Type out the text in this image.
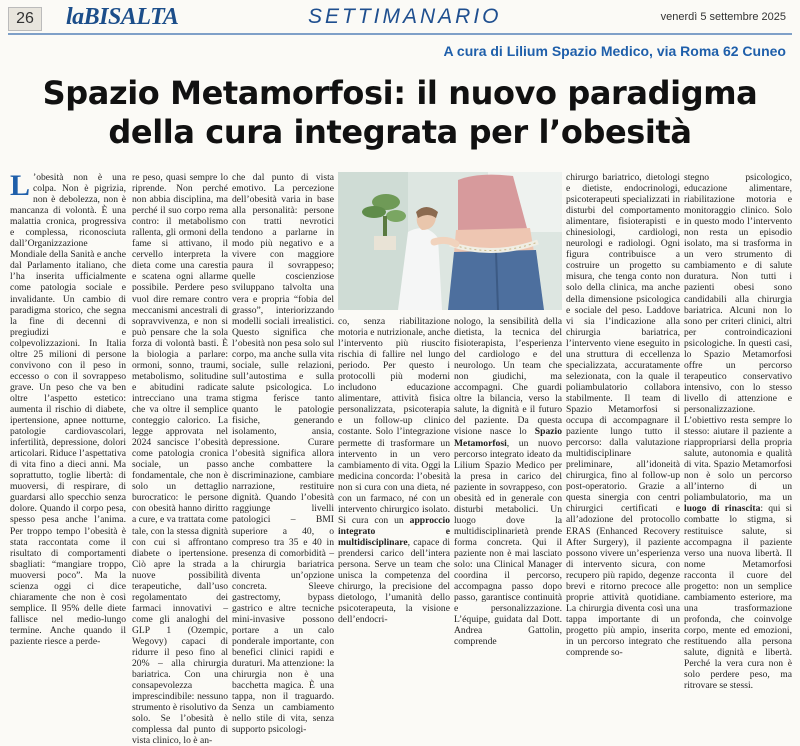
26	laBISALTA	SETTIMANARIO	venerdì 5 settembre 2025
A cura di Lilium Spazio Medico, via Roma 62 Cuneo
Spazio Metamorfosi: il nuovo paradigma
della cura integrata per l’obesità

L ’obesità non è una colpa. Non è pigrizia, non è debolezza, non è mancanza di volontà. È una malattia cronica, progressiva e complessa, riconosciuta dall’Organizzazione Mondiale della Sanità e anche dal Parlamento italiano, che l’ha inserita ufficialmente come patologia sociale e invalidante. Un cambio di paradigma storico, che segna la fine di decenni di pregiudizi e colpevolizzazioni. In Italia oltre 25 milioni di persone convivono con il peso in eccesso o con il sovrappeso grave. Un peso che va ben oltre l’aspetto estetico: aumenta il rischio di diabete, ipertensione, apnee notturne, patologie cardiovascolari, infertilità, depressione, dolori articolari. Riduce l’aspettativa di vita fino a dieci anni. Ma soprattutto, toglie libertà: di muoversi, di respirare, di guardarsi allo specchio senza dolore. Quando il corpo pesa, spesso pesa anche l’anima. Per troppo tempo l’obesità è stata raccontata come il risultato di comportamenti sbagliati: “mangiare troppo, muoversi poco”. Ma la scienza oggi ci dice chiaramente che non è così semplice. Il 95% delle diete fallisce nel medio-lungo termine. Anche quando il paziente riesce a perde-

re peso, quasi sempre lo riprende. Non perché non abbia disciplina, ma perché il suo corpo rema contro: il metabolismo rallenta, gli ormoni della fame si attivano, il cervello interpreta la dieta come una carestia e scatena ogni allarme possibile. Perdere peso vuol dire remare contro meccanismi ancestrali di sopravvivenza, e non si può pensare che la sola forza di volontà basti. È la biologia a parlare: ormoni, sonno, traumi, metabolismo, solitudine e abitudini radicate intrecciano una trama che va oltre il semplice conteggio calorico. La legge approvata nel 2024 sancisce l’obesità come patologia cronica sociale, un passo fondamentale, che non è solo un dettaglio burocratico: le persone con obesità hanno diritto a cure, e va trattata come tale, con la stessa dignità con cui si affrontano diabete o ipertensione. Ciò apre la strada a nuove possibilità terapeutiche, dall’uso regolamentato dei farmaci innovativi – come gli analoghi del GLP 1 (Ozempic, Wegovy) capaci di ridurre il peso fino al 20% – alla chirurgia bariatrica. Con una consapevolezza imprescindibile: nessuno strumento è risolutivo da solo. Se l’obesità è complessa dal punto di vista clinico, lo è an-

che dal punto di vista emotivo. La percezione dell’obesità varia in base alla personalità: persone con tratti nevrotici tendono a parlarne in modo più negativo e a vivere con maggiore paura il sovrappeso; quelle coscienziose sviluppano talvolta una vera e propria “fobia del grasso”, interiorizzando modelli sociali irrealistici. Questo significa che l’obesità non pesa solo sul corpo, ma anche sulla vita sociale, sulle relazioni, sull’autostima e sulla salute psicologica. Lo stigma ferisce tanto quanto le patologie fisiche, generando isolamento, ansia, depressione. Curare l’obesità significa allora anche combattere la discriminazione, cambiare narrazione, restituire dignità. Quando l’obesità raggiunge livelli patologici – BMI superiore a 40, o compreso tra 35 e 40 in presenza di comorbidità – la chirurgia bariatrica diventa un’opzione concreta. Sleeve gastrectomy, bypass gastrico e altre tecniche mini-invasive possono portare a un calo ponderale importante, con benefici clinici rapidi e duraturi. Ma attenzione: la chirurgia non è una bacchetta magica. È una tappa, non il traguardo. Senza un cambiamento nello stile di vita, senza supporto psicologi-

co, senza riabilitazione motoria e nutrizionale, anche l’intervento più riuscito rischia di fallire nel lungo periodo. Per questo i protocolli più moderni includono educazione alimentare, attività fisica personalizzata, psicoterapia e un follow-up clinico costante. Solo l’integrazione permette di trasformare un intervento in un vero cambiamento di vita. Oggi la medicina concorda: l’obesità non si cura con una dieta, né con un farmaco, né con un intervento chirurgico isolato. Si cura con un approccio integrato e multidisciplinare, capace di prendersi carico dell’intera persona. Serve un team che unisca la competenza del chirurgo, la precisione del dietologo, l’umanità dello psicoterapeuta, la visione dell’endocri-

nologo, la sensibilità della dietista, la tecnica del fisioterapista, l’esperienza del cardiologo e del neurologo. Un team che non giudichi, ma accompagni. Che guardi oltre la bilancia, verso la salute, la dignità e il futuro del paziente. Da questa visione nasce lo Spazio Metamorfosi, un nuovo percorso integrato ideato da Lilium Spazio Medico per la presa in carico del paziente in sovrappeso, con obesità ed in generale con disturbi metabolici. Un luogo dove la multidisciplinarietà prende forma concreta. Qui il paziente non è mai lasciato solo: una Clinical Manager coordina il percorso, accompagna passo dopo passo, garantisce continuità e personalizzazione. L’équipe, guidata dal Dott. Andrea Gattolin, comprende

chirurgo bariatrico, dietologi e dietiste, endocrinologi, psicoterapeuti specializzati in disturbi del comportamento alimentare, fisioterapisti e chinesiologi, cardiologi, neurologi e radiologi. Ogni figura contribuisce a costruire un progetto su misura, che tenga conto non solo della clinica, ma anche della dimensione psicologica e sociale del peso. Laddove vi sia l’indicazione alla chirurgia bariatrica, l’intervento viene eseguito in una struttura di eccellenza specializzata, accuratamente selezionata, con la quale il poliambulatorio collabora stabilmente. Il team di Spazio Metamorfosi si occupa di accompagnare il paziente lungo tutto il percorso: dalla valutazione multidisciplinare preliminare, all’idoneità chirurgica, fino al follow-up post-operatorio. Grazie a questa sinergia con centri chirurgici certificati e all’adozione del protocollo ERAS (Enhanced Recovery After Surgery), il paziente possono vivere un’esperienza di intervento sicura, con recupero più rapido, degenze brevi e ritorno precoce alle proprie attività quotidiane. La chirurgia diventa così una tappa importante di un progetto più ampio, inserita in un percorso integrato che comprende so-

stegno psicologico, educazione alimentare, riabilitazione motoria e monitoraggio clinico. Solo in questo modo l’intervento non resta un episodio isolato, ma si trasforma in un vero strumento di cambiamento e di salute duratura. Non tutti i pazienti obesi sono candidabili alla chirurgia bariatrica. Alcuni non lo sono per criteri clinici, altri per controindicazioni psicologiche. In questi casi, lo Spazio Metamorfosi offre un percorso terapeutico conservativo intensivo, con lo stesso livello di attenzione e personalizzazione. L’obiettivo resta sempre lo stesso: aiutare il paziente a riappropriarsi della propria salute, autonomia e qualità di vita. Spazio Metamorfosi non è solo un percorso all’interno di un poliambulatorio, ma un luogo di rinascita: qui si combatte lo stigma, si restituisce salute, si accompagna il paziente verso una nuova libertà. Il nome Metamorfosi racconta il cuore del progetto: non un semplice cambiamento esteriore, ma una trasformazione profonda, che coinvolge corpo, mente ed emozioni, restituendo alla persona salute, dignità e libertà. Perché la vera cura non è solo perdere peso, ma ritrovare se stessi.
